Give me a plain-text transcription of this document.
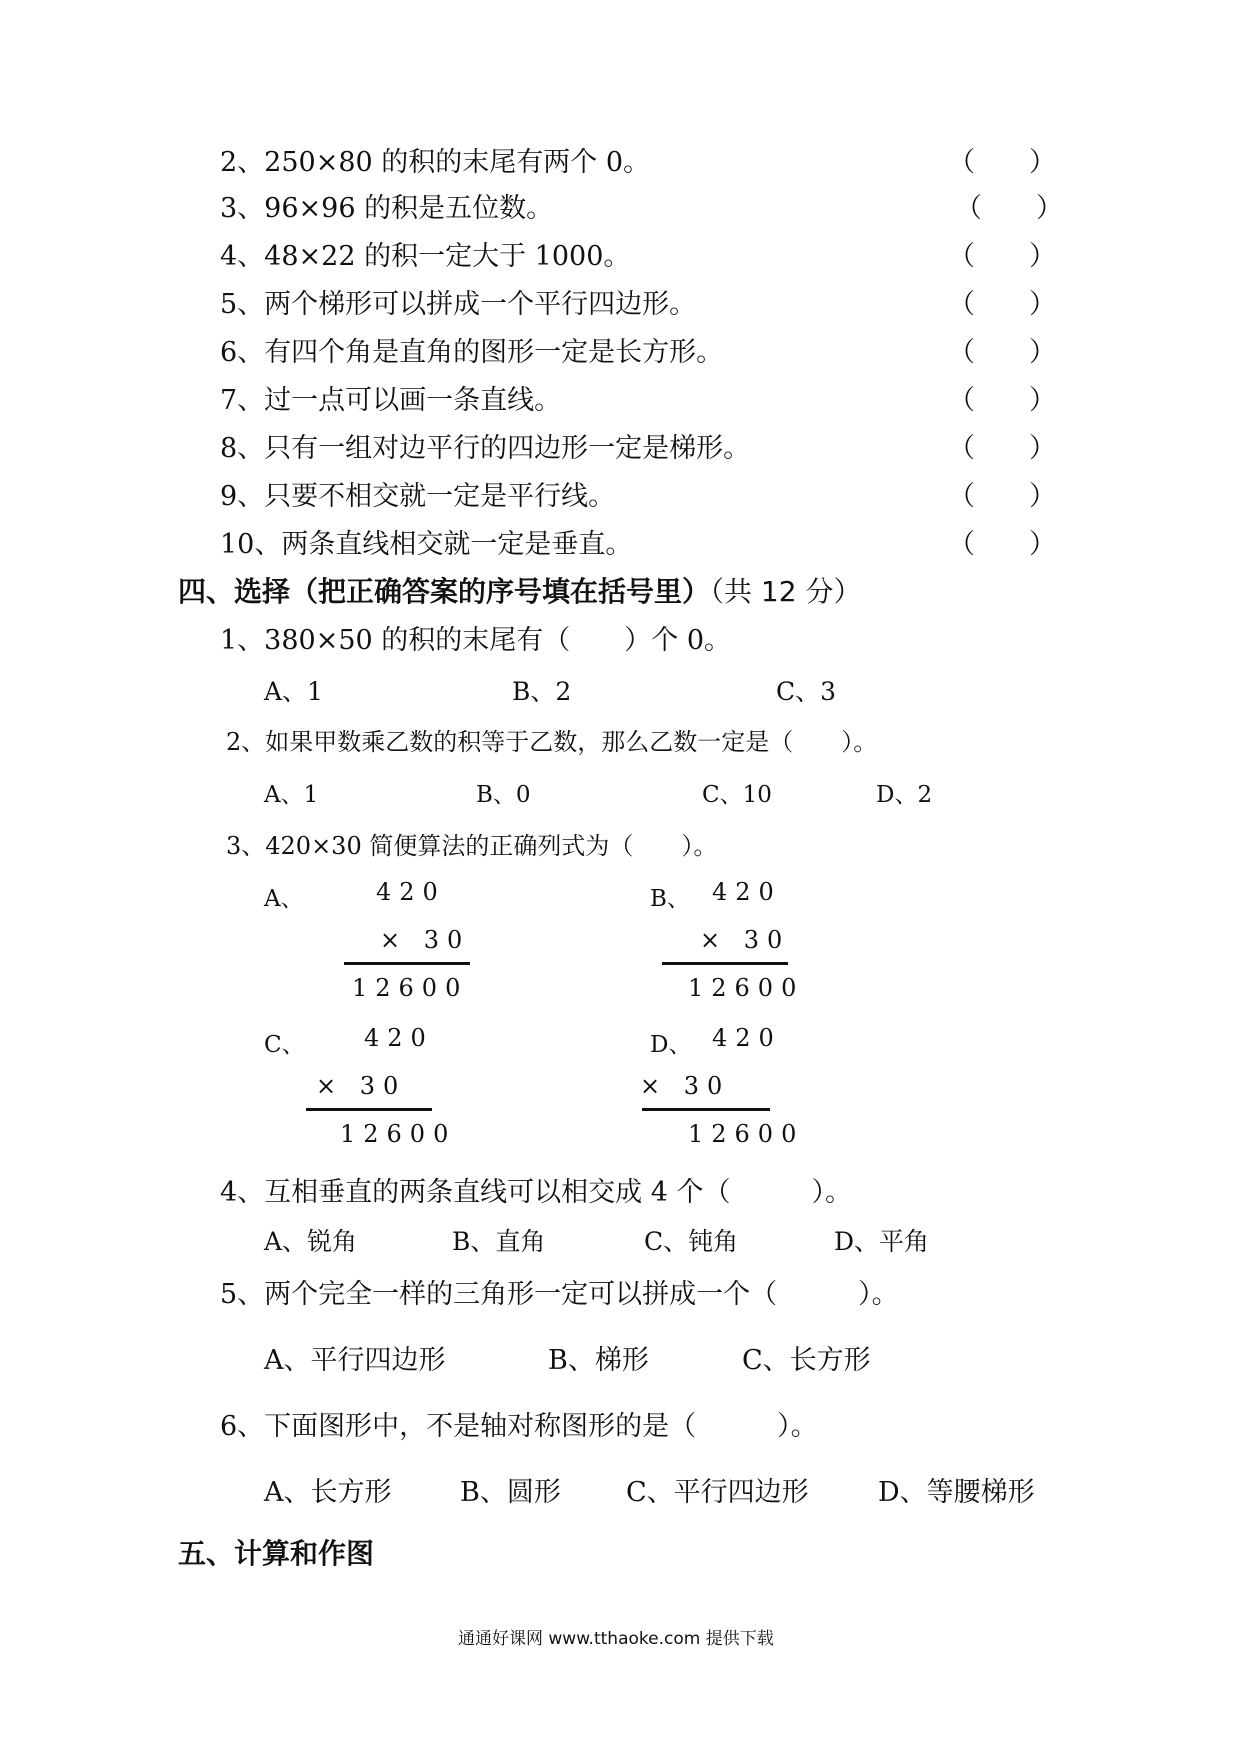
2、250×80 的积的末尾有两个 0。	（　　）
3、96×96 的积是五位数。	（　　）
4、48×22 的积一定大于 1000。	（　　）
5、两个梯形可以拼成一个平行四边形。	（　　）
6、有四个角是直角的图形一定是长方形。	（　　）
7、过一点可以画一条直线。	（　　）
8、只有一组对边平行的四边形一定是梯形。	（　　）
9、只要不相交就一定是平行线。	（　　）
10、两条直线相交就一定是垂直。	（　　）
四、选择（把正确答案的序号填在括号里）（共 12 分）
1、380×50 的积的末尾有（　　）个 0。
A、1	B、2	C、3
2、如果甲数乘乙数的积等于乙数，那么乙数一定是（　　）。
A、1	B、0	C、10	D、2
3、420×30 简便算法的正确列式为（　　）。
A、	420
× 30
12600
B、 420
× 30
12600
C、 420
× 30
12600
D、 420
× 30
12600
4、互相垂直的两条直线可以相交成 4 个（　　　）。
A、锐角	B、直角	C、钝角	D、平角
5、两个完全一样的三角形一定可以拼成一个（　　　）。
A、平行四边形	B、梯形	C、长方形
6、下面图形中，不是轴对称图形的是（　　　）。
A、长方形	B、圆形 C、平行四边形	D、等腰梯形
五、计算和作图
通通好课网 www.tthaoke.com 提供下载
